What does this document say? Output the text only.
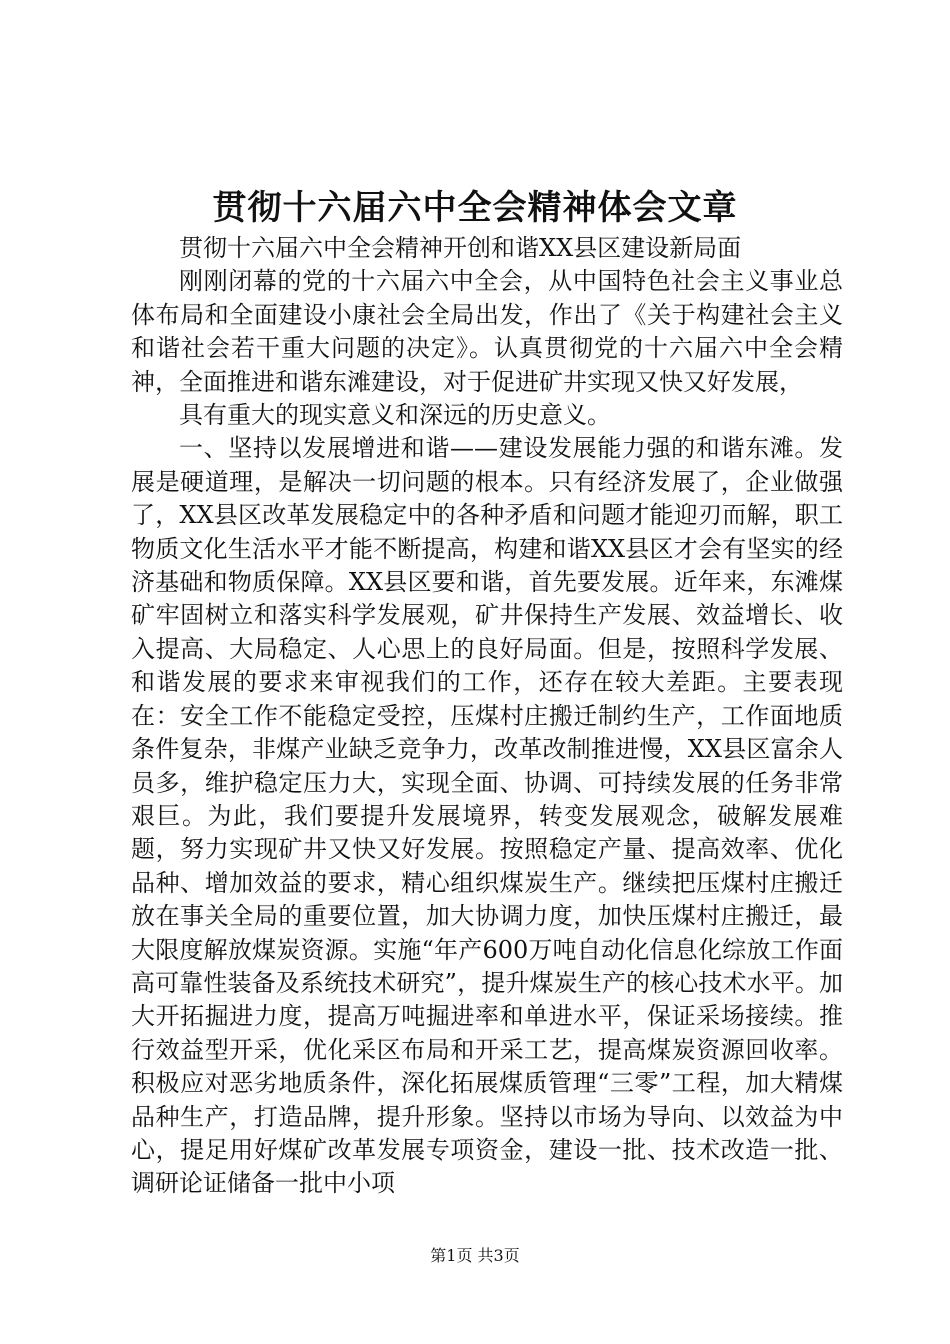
贯彻十六届六中全会精神体会文章

贯彻十六届六中全会精神开创和谐XX县区建设新局面

刚刚闭幕的党的十六届六中全会，从中国特色社会主义事业总体布局和全面建设小康社会全局出发，作出了《关于构建社会主义和谐社会若干重大问题的决定》。认真贯彻党的十六届六中全会精神，全面推进和谐东滩建设，对于促进矿井实现又快又好发展，

具有重大的现实意义和深远的历史意义。

一、坚持以发展增进和谐——建设发展能力强的和谐东滩。发展是硬道理，是解决一切问题的根本。只有经济发展了，企业做强了，XX县区改革发展稳定中的各种矛盾和问题才能迎刃而解，职工物质文化生活水平才能不断提高，构建和谐XX县区才会有坚实的经济基础和物质保障。XX县区要和谐，首先要发展。近年来，东滩煤矿牢固树立和落实科学发展观，矿井保持生产发展、效益增长、收入提高、大局稳定、人心思上的良好局面。但是，按照科学发展、和谐发展的要求来审视我们的工作，还存在较大差距。主要表现在：安全工作不能稳定受控，压煤村庄搬迁制约生产，工作面地质条件复杂，非煤产业缺乏竞争力，改革改制推进慢，XX县区富余人员多，维护稳定压力大，实现全面、协调、可持续发展的任务非常艰巨。为此，我们要提升发展境界，转变发展观念，破解发展难题，努力实现矿井又快又好发展。按照稳定产量、提高效率、优化品种、增加效益的要求，精心组织煤炭生产。继续把压煤村庄搬迁放在事关全局的重要位置，加大协调力度，加快压煤村庄搬迁，最大限度解放煤炭资源。实施“年产600万吨自动化信息化综放工作面高可靠性装备及系统技术研究”，提升煤炭生产的核心技术水平。加大开拓掘进力度，提高万吨掘进率和单进水平，保证采场接续。推行效益型开采，优化采区布局和开采工艺，提高煤炭资源回收率。积极应对恶劣地质条件，深化拓展煤质管理“三零”工程，加大精煤品种生产，打造品牌，提升形象。坚持以市场为导向、以效益为中心，提足用好煤矿改革发展专项资金，建设一批、技术改造一批、调研论证储备一批中小项

第1页 共3页
